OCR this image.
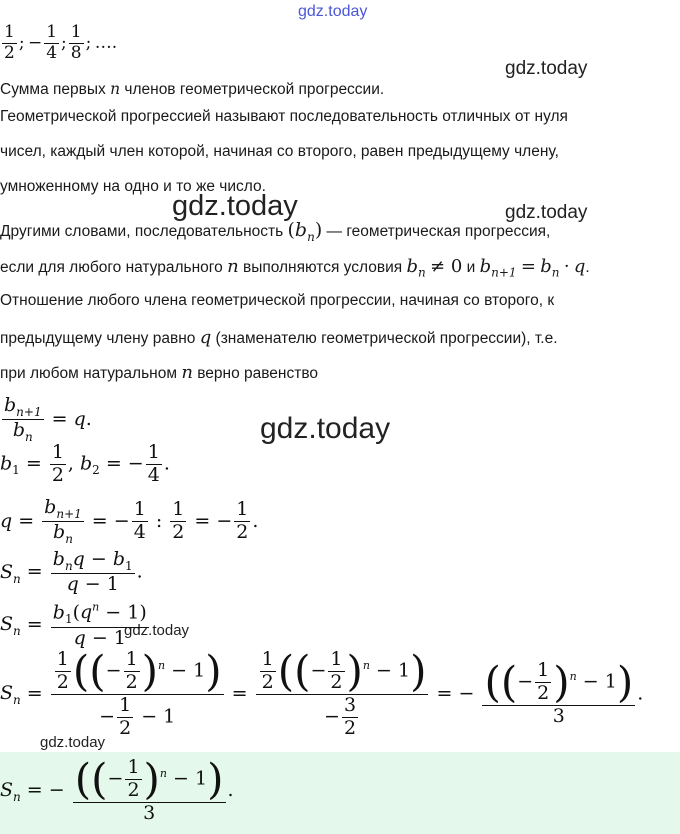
gdz.today
gdz.today
gdz.today	gdz.today
gdz.today
gdz.today
gdz.today
$\frac{1}{2}$ ; − $\frac{1}{4}$ ; $\frac{1}{8}$ ; ….
Сумма первых n членов геометрической прогрессии.
Геометрической прогрессией называют последовательность отличных от нуля
чисел, каждый член которой, начиная со второго, равен предыдущему члену,
умноженному на одно и то же число.
Другими словами, последовательность $(b_n)$ — геометрическая прогрессия,
если для любого натурального n выполняются условия $b_n \ne 0$ и $b_{n+1} = b_n \cdot q$.
Отношение любого члена геометрической прогрессии, начиная со второго, к
предыдущему члену равно q (знаменателю геометрической прогрессии), т.е.
при любом натуральном n верно равенство
$\frac{b_{n+1}}{b_n} = q$.
$b_1 = \frac{1}{2}$ , $b_2$ = − $\frac{1}{4}$ .
$q = \frac{b_{n+1}}{b_n}$ = − $\frac{1}{4}$ : $\frac{1}{2}$ = − $\frac{1}{2}$ .
$S_n = \frac{b_nq - b_1}{q - 1}$ .
$S_n = \frac{b_1(q^n - 1)}{q - 1}$
$S_n = \frac{\frac{1}{2} ((- \frac{1}{2} )^n - 1)}{- \frac{1}{2} - 1} = \frac{\frac{1}{2} ((- \frac{1}{2} )^n - 1)}{- \frac{3}{2}}$ = − $\frac{((- \frac{1}{2} )^n - 1)}{3}$ .
$S_n$ = − $\frac{((- \frac{1}{2} )^n - 1)}{3}$ .
